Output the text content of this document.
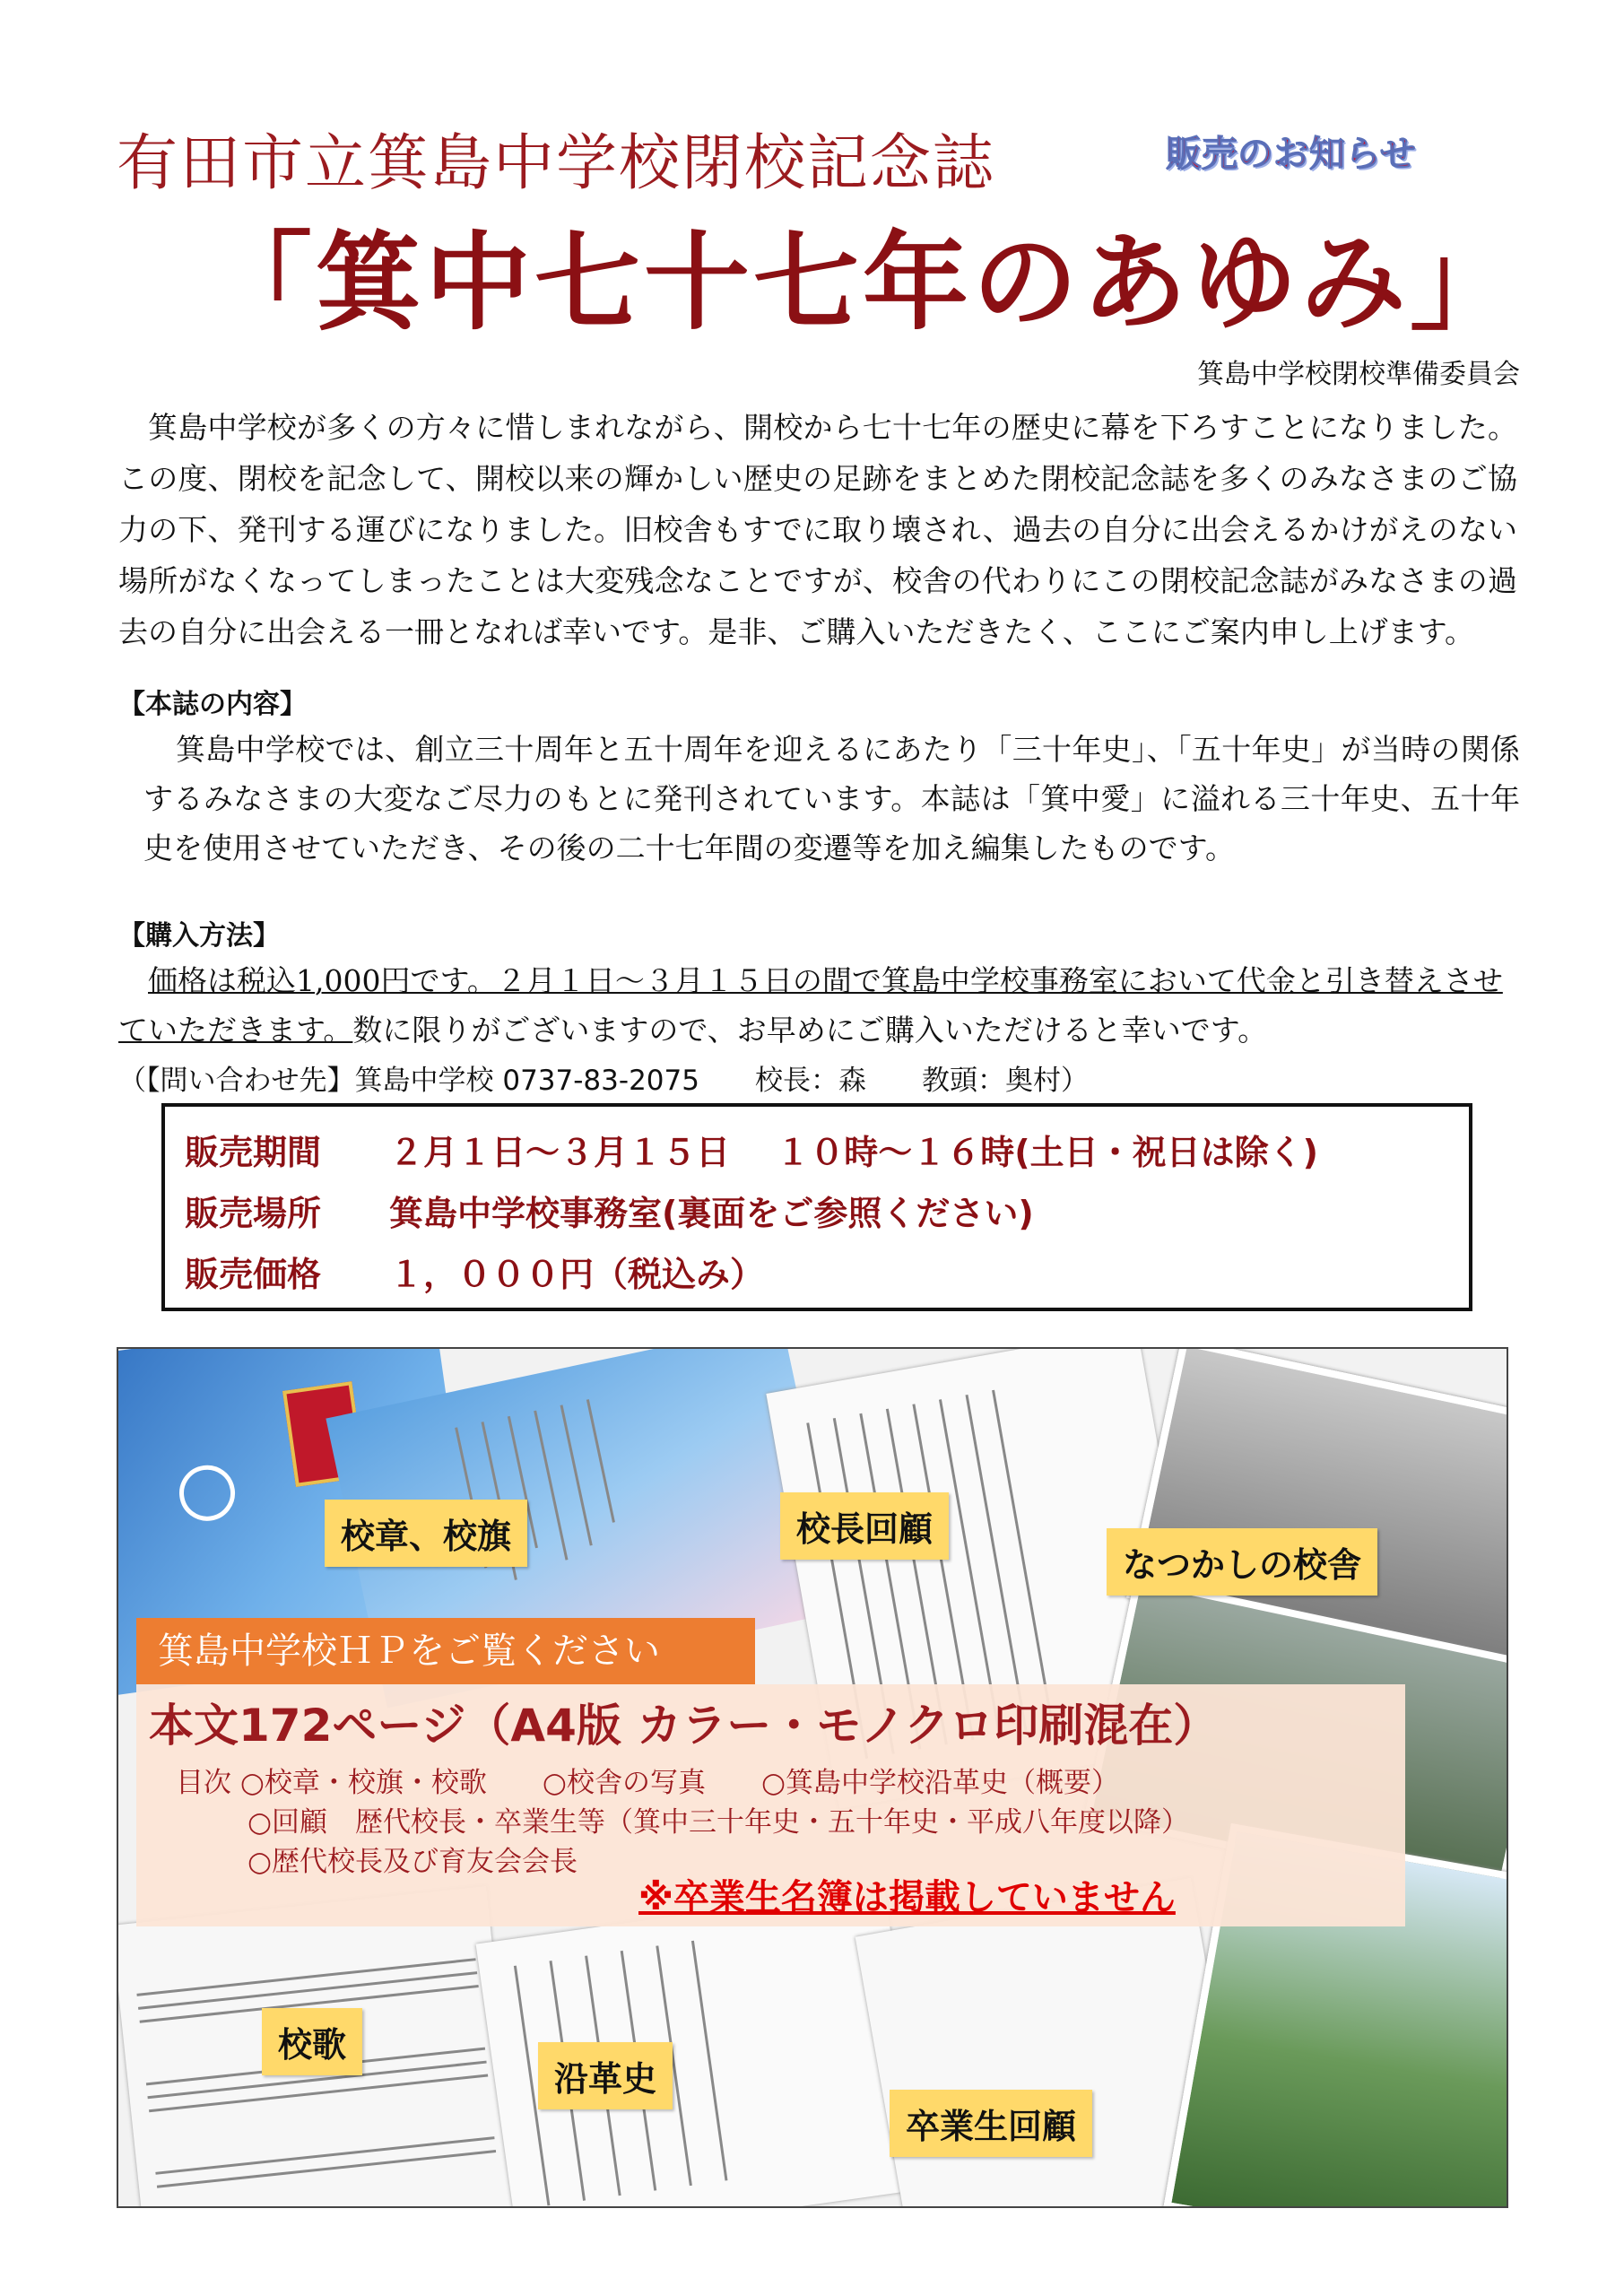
有田市立箕島中学校閉校記念誌	販売のお知らせ
「箕中七十七年のあゆみ」
箕島中学校閉校準備委員会
箕島中学校が多くの方々に惜しまれながら、開校から七十七年の歴史に幕を下ろすことになりました。この度、閉校を記念して、開校以来の輝かしい歴史の足跡をまとめた閉校記念誌を多くのみなさまのご協力の下、発刊する運びになりました。旧校舎もすでに取り壊され、過去の自分に出会えるかけがえのない場所がなくなってしまったことは大変残念なことですが、校舎の代わりにこの閉校記念誌がみなさまの過去の自分に出会える一冊となれば幸いです。是非、ご購入いただきたく、ここにご案内申し上げます。
【本誌の内容】
箕島中学校では、創立三十周年と五十周年を迎えるにあたり「三十年史」、「五十年史」が当時の関係するみなさまの大変なご尽力のもとに発刊されています。本誌は「箕中愛」に溢れる三十年史、五十年史を使用させていただき、その後の二十七年間の変遷等を加え編集したものです。
【購入方法】
価格は税込1,000円です。２月１日～３月１５日の間で箕島中学校事務室において代金と引き替えさせていただきます。数に限りがございますので、お早めにご購入いただけると幸いです。（【問い合わせ先】箕島中学校 0737-83-2075　　校長：森　　教頭：奥村）
販売期間 ２月１日～３月１５日　 １０時～１６時(土日・祝日は除く)
販売場所 箕島中学校事務室(裏面をご参照ください)
販売価格 １，０００円（税込み）
校章、校旗	校長回顧
なつかしの校舎
箕島中学校ＨＰをご覧ください
本文172ページ（A4版 カラー・モノクロ印刷混在）
目次 ○校章・校旗・校歌　　○校舎の写真　　○箕島中学校沿革史（概要）
○回顧　歴代校長・卒業生等（箕中三十年史・五十年史・平成八年度以降）
○歴代校長及び育友会会長
※卒業生名簿は掲載していません
校歌
沿革史
卒業生回顧
